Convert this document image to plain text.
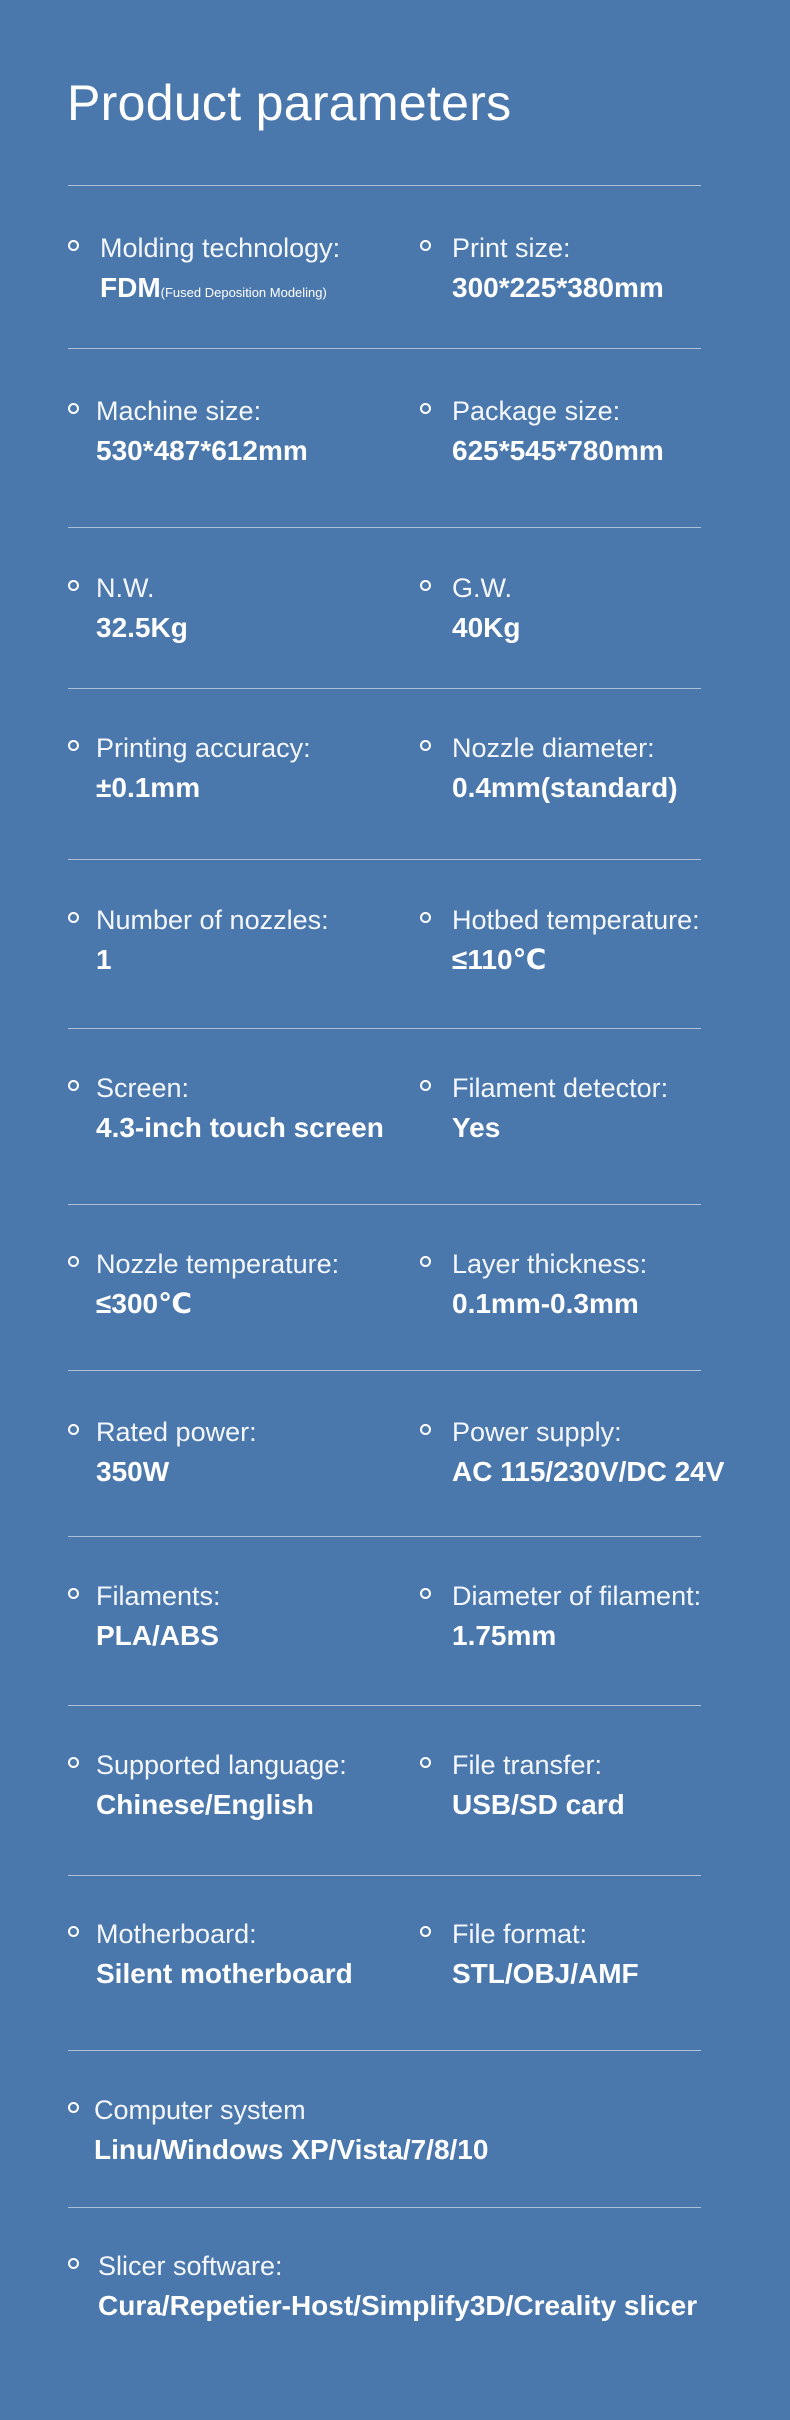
Product parameters
Molding technology:
FDM(Fused Deposition Modeling)
Print size:
300*225*380mm
Machine size:
530*487*612mm
Package size:
625*545*780mm
N.W.
32.5Kg
G.W.
40Kg
Printing accuracy:
±0.1mm
Nozzle diameter:
0.4mm(standard)
Number of nozzles:
1
Hotbed temperature:
≤110℃
Screen:
4.3-inch touch screen
Filament detector:
Yes
Nozzle temperature:
≤300℃
Layer thickness:
0.1mm-0.3mm
Rated power:
350W
Power supply:
AC 115/230V/DC 24V
Filaments:
PLA/ABS
Diameter of filament:
1.75mm
Supported language:
Chinese/English
File transfer:
USB/SD card
Motherboard:
Silent motherboard
File format:
STL/OBJ/AMF
Computer system
Linu/Windows XP/Vista/7/8/10
Slicer software:
Cura/Repetier-Host/Simplify3D/Creality slicer
